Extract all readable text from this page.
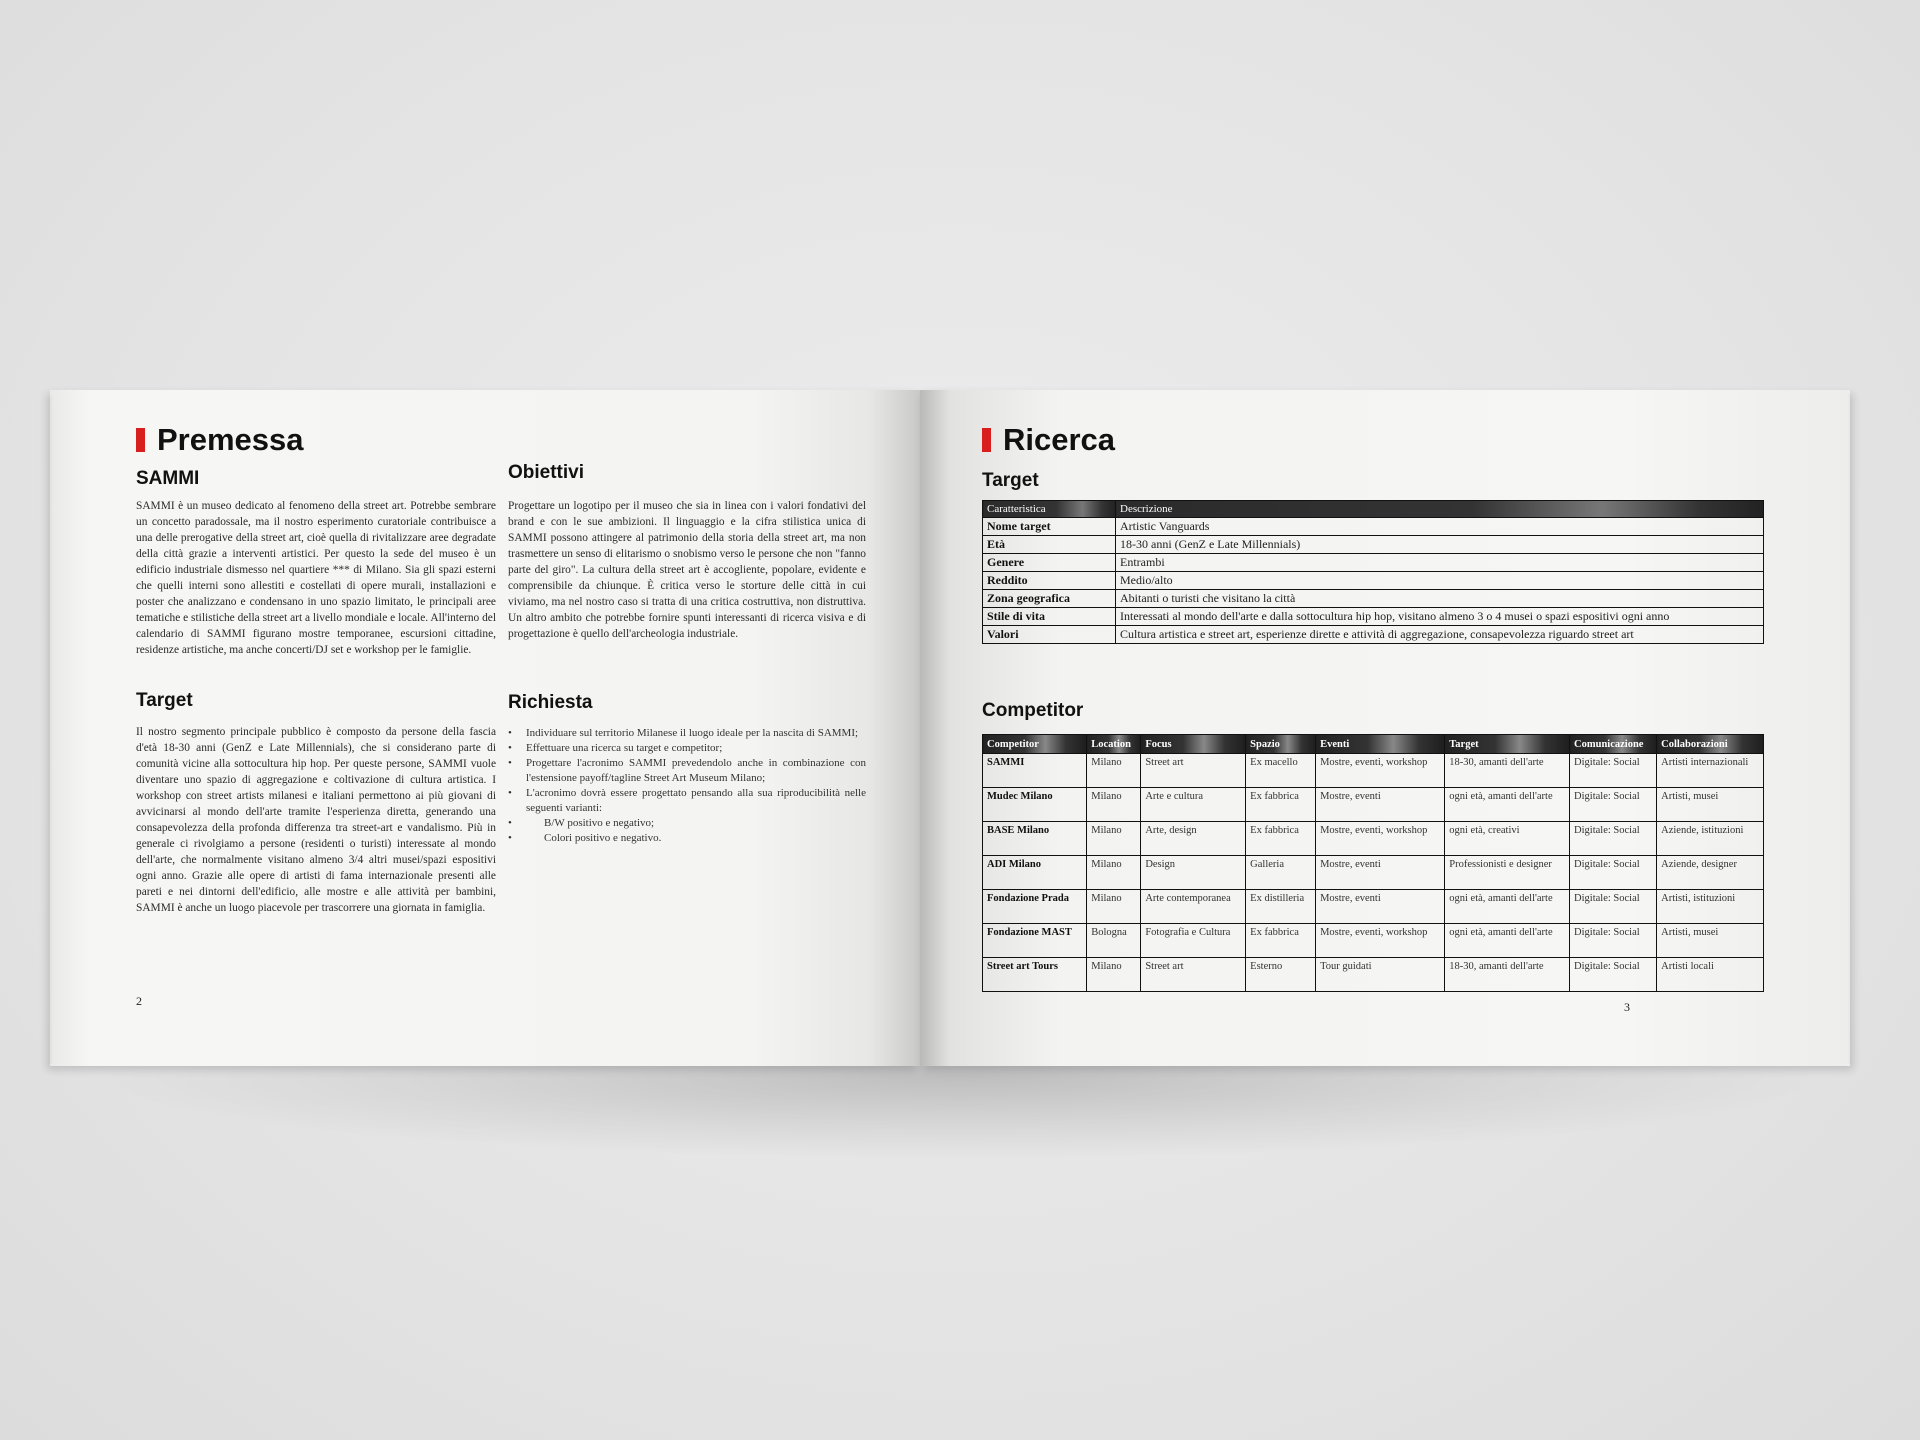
Premessa
SAMMI

SAMMI è un museo dedicato al fenomeno della street art. Potrebbe sembrare un concetto paradossale, ma il nostro esperimento curatoriale contribuisce a una delle prerogative della street art, cioè quella di rivitalizzare aree degradate della città grazie a interventi artistici. Per questo la sede del museo è un edificio industriale dismesso nel quartiere *** di Milano. Sia gli spazi esterni che quelli interni sono allestiti e costellati di opere murali, installazioni e poster che analizzano e condensano in uno spazio limitato, le principali aree tematiche e stilistiche della street art a livello mondiale e locale. All'interno del calendario di SAMMI figurano mostre temporanee, escursioni cittadine, residenze artistiche, ma anche concerti/DJ set e workshop per le famiglie.

Obiettivi

Progettare un logotipo per il museo che sia in linea con i valori fondativi del brand e con le sue ambizioni. Il linguaggio e la cifra stilistica unica di SAMMI possono attingere al patrimonio della storia della street art, ma non trasmettere un senso di elitarismo o snobismo verso le persone che non "fanno parte del giro". La cultura della street art è accogliente, popolare, evidente e comprensibile da chiunque. È critica verso le storture delle città in cui viviamo, ma nel nostro caso si tratta di una critica costruttiva, non distruttiva. Un altro ambito che potrebbe fornire spunti interessanti di ricerca visiva e di progettazione è quello dell'archeologia industriale.

Target

Il nostro segmento principale pubblico è composto da persone della fascia d'età 18-30 anni (GenZ e Late Millennials), che si considerano parte di comunità vicine alla sottocultura hip hop. Per queste persone, SAMMI vuole diventare uno spazio di aggregazione e coltivazione di cultura artistica. I workshop con street artists milanesi e italiani permettono ai più giovani di avvicinarsi al mondo dell'arte tramite l'esperienza diretta, generando una consapevolezza della profonda differenza tra street-art e vandalismo. Più in generale ci rivolgiamo a persone (residenti o turisti) interessate al mondo dell'arte, che normalmente visitano almeno 3/4 altri musei/spazi espositivi ogni anno. Grazie alle opere di artisti di fama internazionale presenti alle pareti e nei dintorni dell'edificio, alle mostre e alle attività per bambini, SAMMI è anche un luogo piacevole per trascorrere una giornata in famiglia.

Richiesta
• Individuare sul territorio Milanese il luogo ideale per la nascita di SAMMI;
• Effettuare una ricerca su target e competitor;
• Progettare l'acronimo SAMMI prevedendolo anche in combinazione con l'estensione payoff/tagline Street Art Museum Milano;
• L'acronimo dovrà essere progettato pensando alla sua riproducibilità nelle seguenti varianti:
• B/W positivo e negativo;
• Colori positivo e negativo.
2
Ricerca
Target
Caratteristica	Descrizione
Nome target	Artistic Vanguards
Età	18-30 anni (GenZ e Late Millennials)
Genere	Entrambi
Reddito	Medio/alto
Zona geografica	Abitanti o turisti che visitano la città
Stile di vita	Interessati al mondo dell'arte e dalla sottocultura hip hop, visitano almeno 3 o 4 musei o spazi espositivi ogni anno
Valori	Cultura artistica e street art, esperienze dirette e attività di aggregazione, consapevolezza riguardo street art
Competitor
Competitor	Location	Focus	Spazio	Eventi	Target	Comunicazione	Collaborazioni
SAMMI	Milano	Street art	Ex macello	Mostre, eventi, workshop	18-30, amanti dell'arte	Digitale: Social	Artisti internazionali
Mudec Milano	Milano	Arte e cultura	Ex fabbrica	Mostre, eventi	ogni età, amanti dell'arte	Digitale: Social	Artisti, musei
BASE Milano	Milano	Arte, design	Ex fabbrica	Mostre, eventi, workshop	ogni età, creativi	Digitale: Social	Aziende, istituzioni
ADI Milano	Milano	Design	Galleria	Mostre, eventi	Professionisti e designer	Digitale: Social	Aziende, designer
Fondazione Prada	Milano	Arte contemporanea	Ex distilleria	Mostre, eventi	ogni età, amanti dell'arte	Digitale: Social	Artisti, istituzioni
Fondazione MAST	Bologna	Fotografia e Cultura	Ex fabbrica	Mostre, eventi, workshop	ogni età, amanti dell'arte	Digitale: Social	Artisti, musei
Street art Tours	Milano	Street art	Esterno	Tour guidati	18-30, amanti dell'arte	Digitale: Social	Artisti locali
3
